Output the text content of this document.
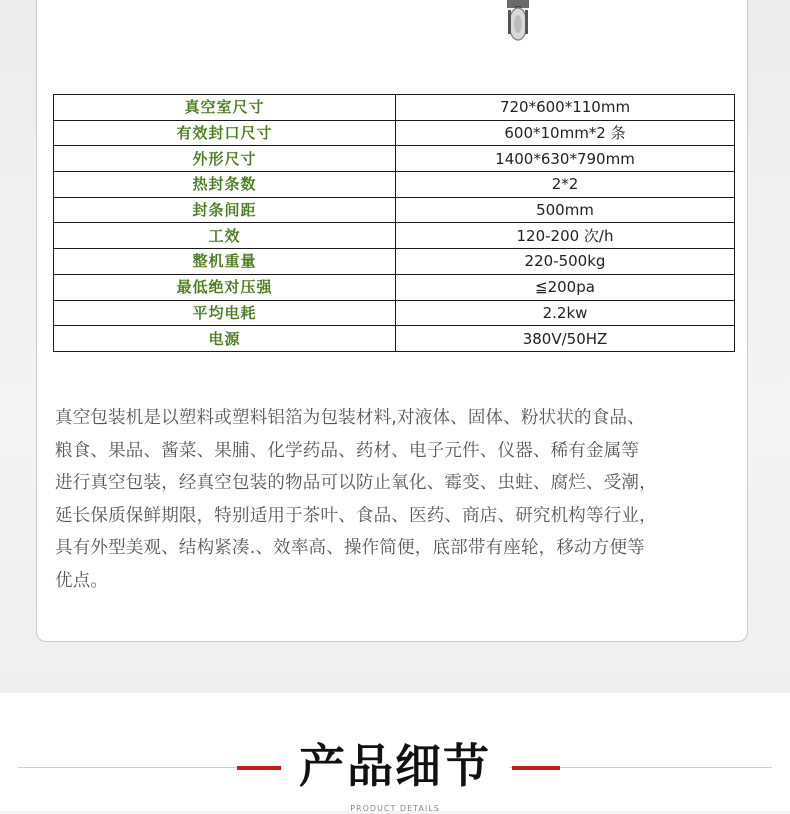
真空室尺寸	720*600*110mm
有效封口尺寸	600*10mm*2 条
外形尺寸	1400*630*790mm
热封条数	2*2
封条间距	500mm
工效	120-200 次/h
整机重量	220-500kg
最低绝对压强	≦200pa
平均电耗	2.2kw
电源	380V/50HZ

真空包装机是以塑料或塑料铝箔为包装材料,对液体、固体、粉状状的食品、
粮食、果品、酱菜、果脯、化学药品、药材、电子元件、仪器、稀有金属等
进行真空包装，经真空包装的物品可以防止氧化、霉变、虫蛀、腐烂、受潮，
延长保质保鲜期限，特别适用于茶叶、食品、医药、商店、研究机构等行业，
具有外型美观、结构紧凑.、效率高、操作简便，底部带有座轮，移动方便等
优点。

产品细节
PRODUCT DETAILS
